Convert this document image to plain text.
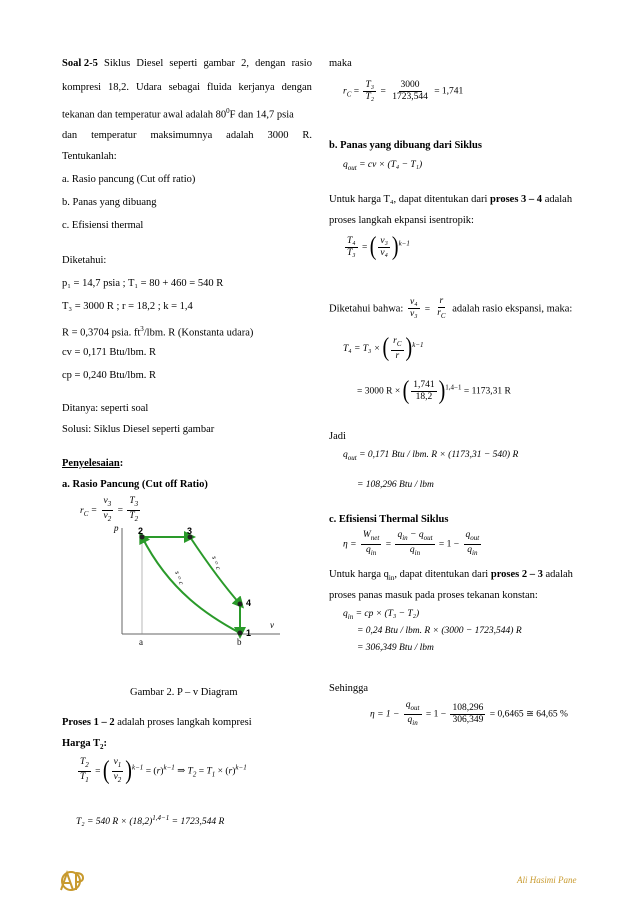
Soal 2-5 Siklus Diesel seperti gambar 2, dengan rasio
kompresi 18,2. Udara sebagai fluida kerjanya dengan
tekanan dan temperatur awal adalah $80^0F$ dan 14,7 psia
dan temperatur maksimumnya adalah 3000 R.
Tentukanlah:
a. Rasio pancung (Cut off ratio)
b. Panas yang dibuang
c. Efisiensi thermal
Diketahui:
p₁ = 14,7 psia ; T₁ = 80 + 460 = 540 R
T₃ = 3000 R ; r = 18,2 ; k = 1,4
R = 0,3704 psia. $ft^3$/lbm. R (Konstanta udara)
cv = 0,171 Btu/lbm. R
cp = 0,240 Btu/lbm. R
Ditanya: seperti soal
Solusi: Siklus Diesel seperti gambar
Penyelesaian:
a. Rasio Pancung (Cut off Ratio)
$r_C = \frac{v_3}{v_2} = \frac{T_3}{T_2}$
p
v
2	3
4
1
s = c
s = c
a	b
Gambar 2. P – v Diagram
Proses 1 – 2 adalah proses langkah kompresi
Harga $T_2$:
$\frac{T_2}{T_1}$ = ( $\frac{v_1}{v_2} )^{k-1} = (r)^{k-1}$ ⇒ $T_2 = T_1 \times (r)^{k-1}$
T₂ = 540 $R \times (18,2)^{1,4-1} = 1723,544$ R
maka
$r_C = \frac{\text{T₃}}{\text{T₂}} = \frac{3000}{1723,544} = 1,741$
b. Panas yang dibuang dari Siklus
$q_{out}$ = cv × (T₄ − T₁)
Untuk harga T₄, dapat ditentukan dari proses 3 – 4 adalah
proses langkah ekpansi isentropik:
$\frac{\text{T₄}}{\text{T₃}}$ = ( $\frac{\text{v₃}}{\text{v₄}} )^{k-1}$
Diketahui bahwa: $\frac{\text{v₄}}{\text{v₃}} = \frac{r}{r_C}$ adalah rasio ekspansi, maka:
T₄ = T₃ × ( $\frac{r_C}{r} )^{k-1}$
= 3000 R × ( $\frac{1,741}{18,2} )^{1,4-1} = 1173,31$ R
Jadi
$q_{out} = 0,171$ Btu / lbm. R × (1173,31 − 540) R
= 108,296 Btu / lbm
c. Efisiensi Thermal Siklus
$\eta = \frac{W_{net}}{q_{in}} = \frac{q_{in} - q_{out}}{q_{in}} = 1 - \frac{q_{out}}{q_{in}}$
Untuk harga $q_{in}$, dapat ditentukan dari proses 2 – 3 adalah
proses panas masuk pada proses tekanan konstan:
$q_{in}$ = cp × (T₃ − T₂)
= 0,24 Btu / lbm. R × (3000 − 1723,544) R
= 306,349 Btu / lbm
Sehingga
$\eta = 1 - \frac{q_{out}}{q_{in}} = 1 - \frac{108,296}{306,349} = 0,6465$ ≅ 64,65 %
Ali Hasimi Pane
